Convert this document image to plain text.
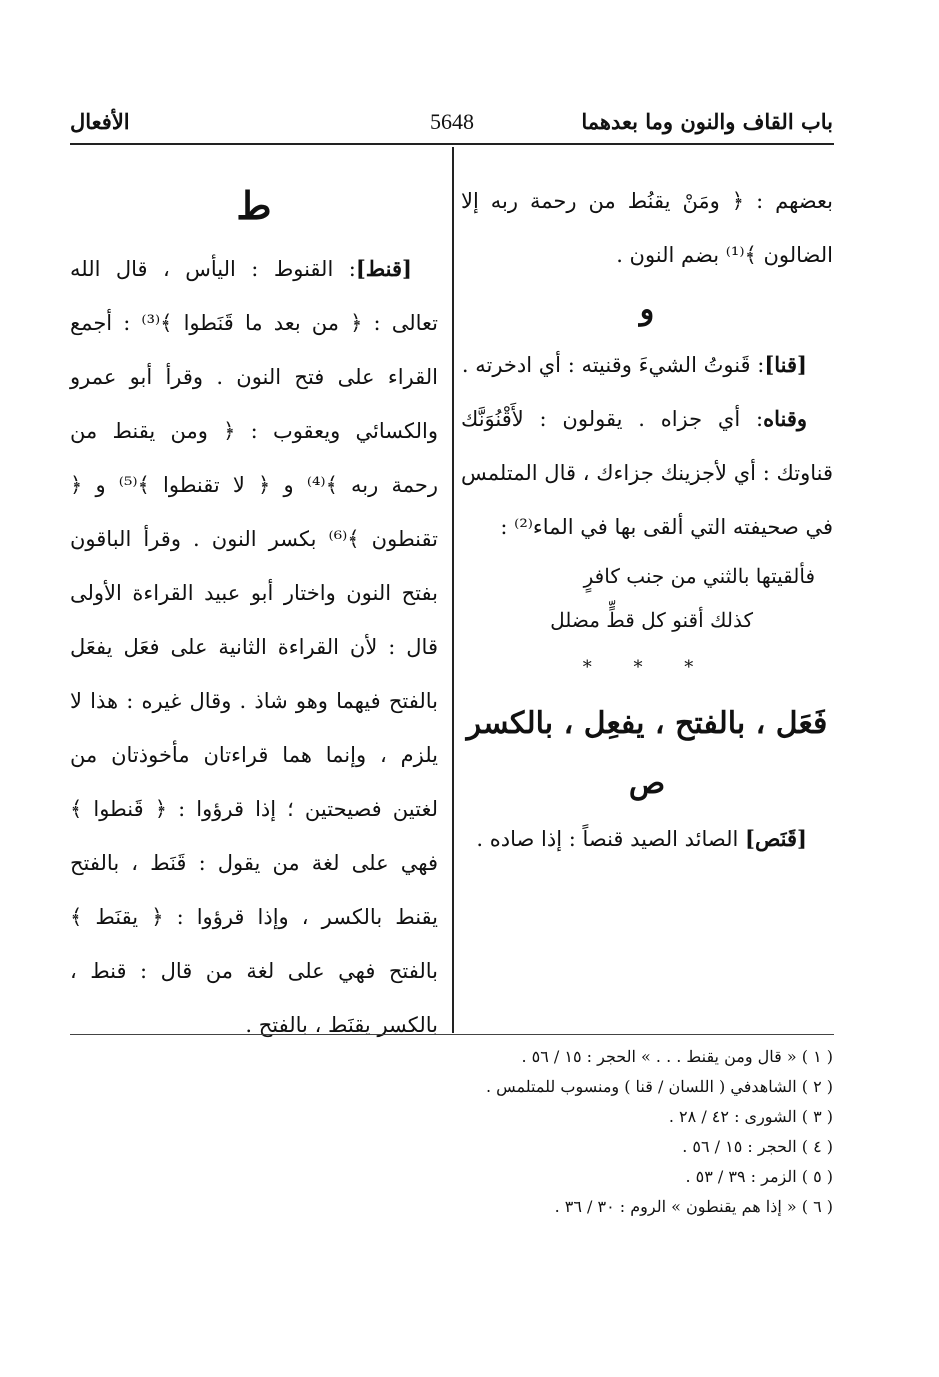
باب القاف والنون وما بعدهما
5648
الأفعال

بعضهم : ﴿ ومَنْ يقنُط من رحمة ربه إلا الضالون ﴾⁽¹⁾ بضم النون .

و

[قنا]: قَنوتُ الشيءَ وقنيته : أي ادخرته .

وقناه: أي جزاه . يقولون : لأَقْنُوَنَّك قناوتك : أي لأجزينك جزاءك ، قال المتلمس في صحيفته التي ألقى بها في الماء⁽²⁾ :

فألقيتها بالثني من جنب كافرٍ

كذلك أقنو كل قطٍّ مضلل

* * *

فَعَل ، بالفتح ، يفعِل ، بالكسر

ص

[قَنَص] الصائد الصيد قنصاً : إذا صاده .

ط

[قنط]: القنوط : اليأس ، قال الله تعالى : ﴿ من بعد ما قَنَطوا ﴾⁽³⁾ : أجمع القراء على فتح النون . وقرأ أبو عمرو والكسائي ويعقوب : ﴿ ومن يقنط من رحمة ربه ﴾⁽⁴⁾ و ﴿ لا تقنطوا ﴾⁽⁵⁾ و ﴿ تقنطون ﴾⁽⁶⁾ بكسر النون . وقرأ الباقون بفتح النون واختار أبو عبيد القراءة الأولى قال : لأن القراءة الثانية على فعَل يفعَل بالفتح فيهما وهو شاذ . وقال غيره : هذا لا يلزم ، وإنما هما قراءتان مأخوذتان من لغتين فصيحتين ؛ إذا قرؤوا : ﴿ قَنطوا ﴾ فهي على لغة من يقول : قَنَط ، بالفتح يقنط بالكسر ، وإذا قرؤوا : ﴿ يقنَط ﴾ بالفتح فهي على لغة من قال : قنط ، بالكسر يقنَط ، بالفتح .

( ١ ) « قال ومن يقنط . . . » الحجر : ١٥ / ٥٦ .

( ٢ ) الشاهدفي ( اللسان / قنا ) ومنسوب للمتلمس .

( ٣ ) الشورى : ٤٢ / ٢٨ .

( ٤ ) الحجر : ١٥ / ٥٦ .

( ٥ ) الزمر : ٣٩ / ٥٣ .

( ٦ ) « إذا هم يقنطون » الروم : ٣٠ / ٣٦ .
